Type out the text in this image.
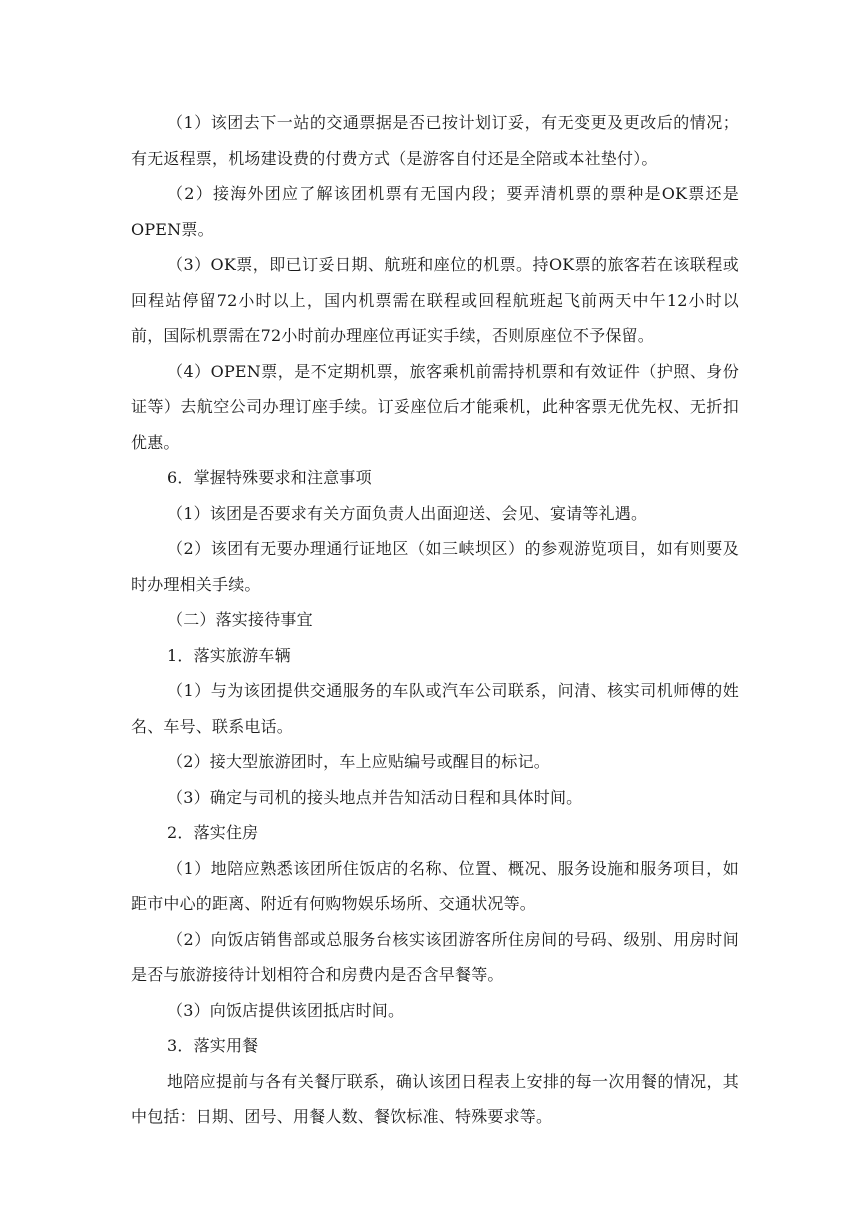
（1）该团去下一站的交通票据是否已按计划订妥，有无变更及更改后的情况；有无返程票，机场建设费的付费方式（是游客自付还是全陪或本社垫付）。

（2）接海外团应了解该团机票有无国内段；要弄清机票的票种是OK票还是OPEN票。

（3）OK票，即已订妥日期、航班和座位的机票。持OK票的旅客若在该联程或回程站停留72小时以上，国内机票需在联程或回程航班起飞前两天中午12小时以前，国际机票需在72小时前办理座位再证实手续，否则原座位不予保留。

（4）OPEN票，是不定期机票，旅客乘机前需持机票和有效证件（护照、身份证等）去航空公司办理订座手续。订妥座位后才能乘机，此种客票无优先权、无折扣优惠。

6．掌握特殊要求和注意事项

（1）该团是否要求有关方面负责人出面迎送、会见、宴请等礼遇。

（2）该团有无要办理通行证地区（如三峡坝区）的参观游览项目，如有则要及时办理相关手续。

（二）落实接待事宜

1．落实旅游车辆

（1）与为该团提供交通服务的车队或汽车公司联系，问清、核实司机师傅的姓名、车号、联系电话。

（2）接大型旅游团时，车上应贴编号或醒目的标记。

（3）确定与司机的接头地点并告知活动日程和具体时间。

2．落实住房

（1）地陪应熟悉该团所住饭店的名称、位置、概况、服务设施和服务项目，如距市中心的距离、附近有何购物娱乐场所、交通状况等。

（2）向饭店销售部或总服务台核实该团游客所住房间的号码、级别、用房时间是否与旅游接待计划相符合和房费内是否含早餐等。

（3）向饭店提供该团抵店时间。

3．落实用餐

地陪应提前与各有关餐厅联系，确认该团日程表上安排的每一次用餐的情况，其中包括：日期、团号、用餐人数、餐饮标准、特殊要求等。
